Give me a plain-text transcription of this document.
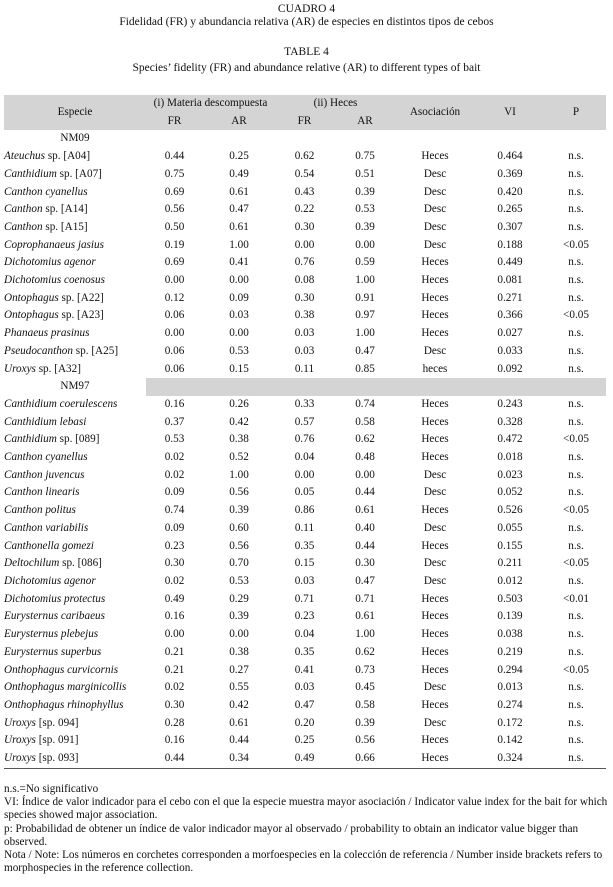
CUADRO 4
Fidelidad (FR) y abundancia relativa (AR) de especies en distintos tipos de cebos
TABLE 4
Species’ fidelity (FR) and abundance relative (AR) to different types of bait
Especie	(i) Materia descompuesta		(ii) Heces		Asociación	VI	P
	FR	AR	FR	AR			
NM09							
Ateuchus sp. [A04]	0.44	0.25	0.62	0.75	Heces	0.464	n.s.
Canthidium sp. [A07]	0.75	0.49	0.54	0.51	Desc	0.369	n.s.
Canthon cyanellus	0.69	0.61	0.43	0.39	Desc	0.420	n.s.
Canthon sp. [A14]	0.56	0.47	0.22	0.53	Desc	0.265	n.s.
Canthon sp. [A15]	0.50	0.61	0.30	0.39	Desc	0.307	n.s.
Coprophanaeus jasius	0.19	1.00	0.00	0.00	Desc	0.188	<0.05
Dichotomius agenor	0.69	0.41	0.76	0.59	Heces	0.449	n.s.
Dichotomius coenosus	0.00	0.00	0.08	1.00	Heces	0.081	n.s.
Ontophagus sp. [A22]	0.12	0.09	0.30	0.91	Heces	0.271	n.s.
Ontophagus sp. [A23]	0.06	0.03	0.38	0.97	Heces	0.366	<0.05
Phanaeus prasinus	0.00	0.00	0.03	1.00	Heces	0.027	n.s.
Pseudocanthon sp. [A25]	0.06	0.53	0.03	0.47	Desc	0.033	n.s.
Uroxys sp. [A32]	0.06	0.15	0.11	0.85	heces	0.092	n.s.
NM97							
Canthidium coerulescens	0.16	0.26	0.33	0.74	Heces	0.243	n.s.
Canthidium lebasi	0.37	0.42	0.57	0.58	Heces	0.328	n.s.
Canthidium sp. [089]	0.53	0.38	0.76	0.62	Heces	0.472	<0.05
Canthon cyanellus	0.02	0.52	0.04	0.48	Heces	0.018	n.s.
Canthon juvencus	0.02	1.00	0.00	0.00	Desc	0.023	n.s.
Canthon linearis	0.09	0.56	0.05	0.44	Desc	0.052	n.s.
Canthon politus	0.74	0.39	0.86	0.61	Heces	0.526	<0.05
Canthon variabilis	0.09	0.60	0.11	0.40	Desc	0.055	n.s.
Canthonella gomezi	0.23	0.56	0.35	0.44	Heces	0.155	n.s.
Deltochilum sp. [086]	0.30	0.70	0.15	0.30	Desc	0.211	<0.05
Dichotomius agenor	0.02	0.53	0.03	0.47	Desc	0.012	n.s.
Dichotomius protectus	0.49	0.29	0.71	0.71	Heces	0.503	<0.01
Eurysternus caribaeus	0.16	0.39	0.23	0.61	Heces	0.139	n.s.
Eurysternus plebejus	0.00	0.00	0.04	1.00	Heces	0.038	n.s.
Eurysternus superbus	0.21	0.38	0.35	0.62	Heces	0.219	n.s.
Onthophagus curvicornis	0.21	0.27	0.41	0.73	Heces	0.294	<0.05
Onthophagus marginicollis	0.02	0.55	0.03	0.45	Desc	0.013	n.s.
Onthophagus rhinophyllus	0.30	0.42	0.47	0.58	Heces	0.274	n.s.
Uroxys [sp. 094]	0.28	0.61	0.20	0.39	Desc	0.172	n.s.
Uroxys [sp. 091]	0.16	0.44	0.25	0.56	Heces	0.142	n.s.
Uroxys [sp. 093]	0.44	0.34	0.49	0.66	Heces	0.324	n.s.
n.s.=No significativo
VI: Índice de valor indicador para el cebo con el que la especie muestra mayor asociación / Indicator value index for the bait for which species showed major association.
p: Probabilidad de obtener un índice de valor indicador mayor al observado / probability to obtain an indicator value bigger than observed.
Nota / Note: Los números en corchetes corresponden a morfoespecies en la colección de referencia / Number inside brackets refers to morphospecies in the reference collection.
